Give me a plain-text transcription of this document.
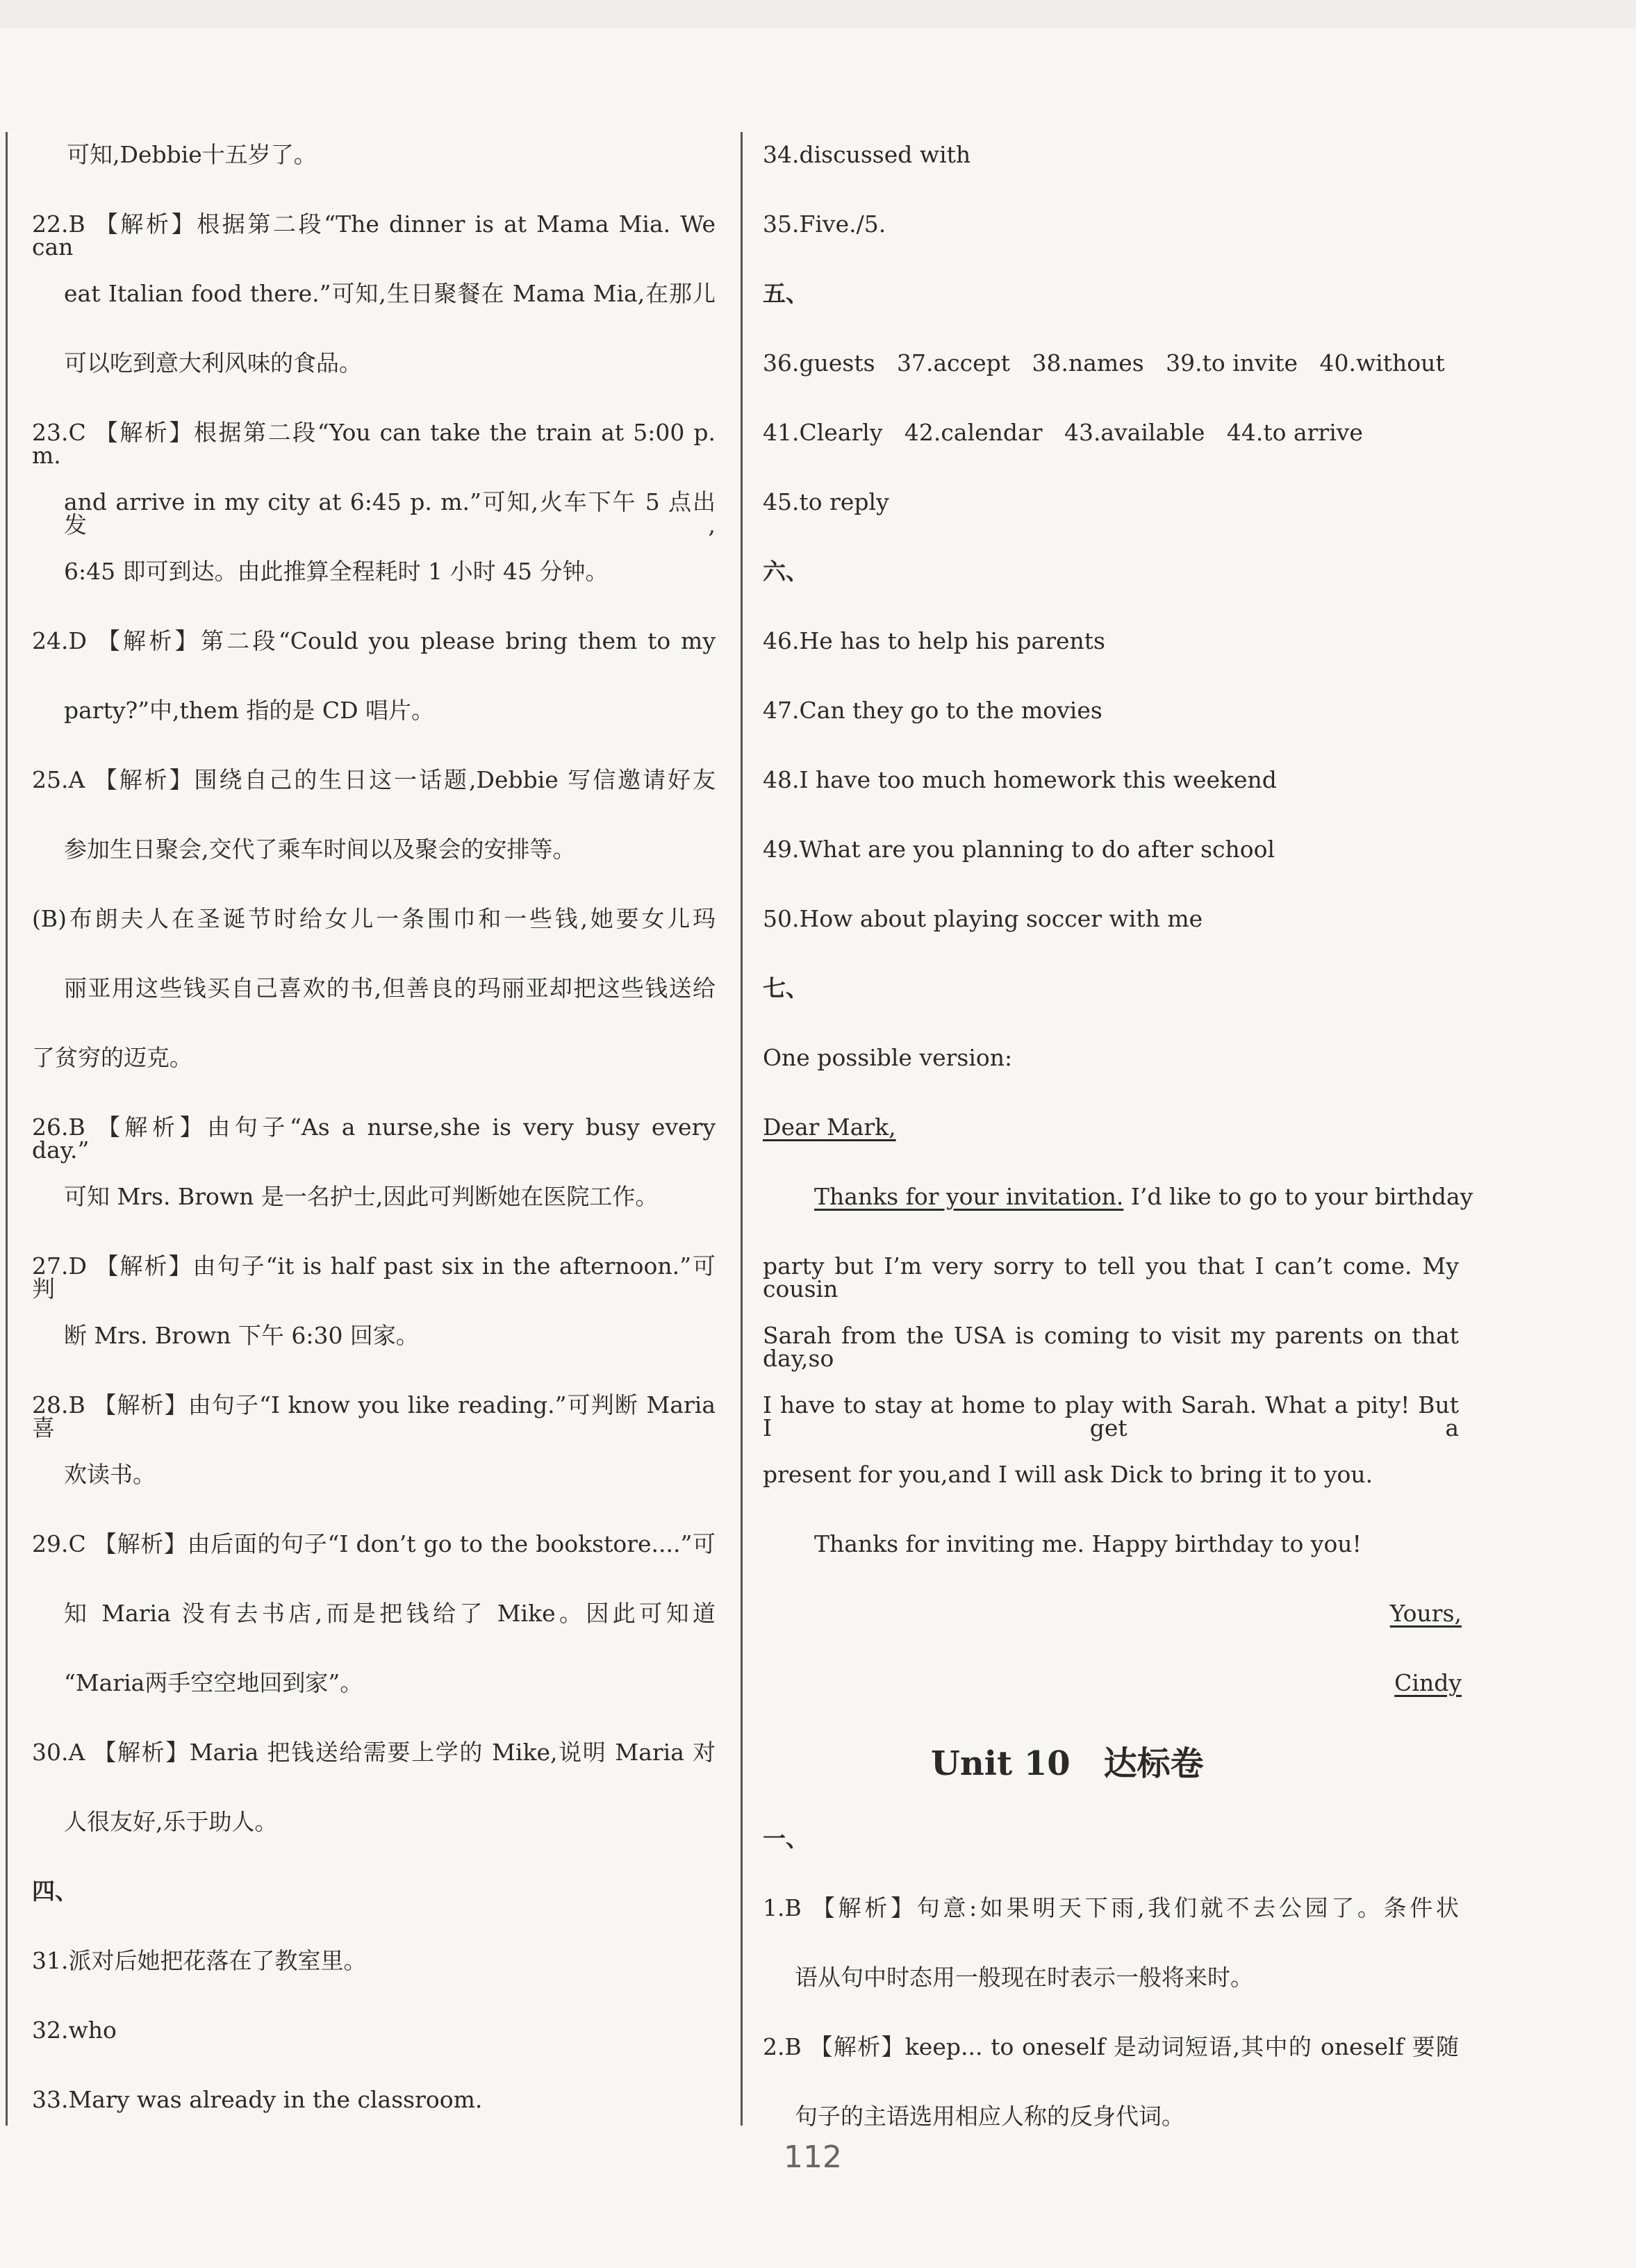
可知,Debbie十五岁了。
22.B 【解析】根据第二段“The dinner is at Mama Mia. We can
eat Italian food there.”可知,生日聚餐在 Mama Mia,在那儿
可以吃到意大利风味的食品。
23.C 【解析】根据第二段“You can take the train at 5:00 p. m.
and arrive in my city at 6:45 p. m.”可知,火车下午 5 点出发,
6:45 即可到达。由此推算全程耗时 1 小时 45 分钟。
24.D 【解析】第二段“Could you please bring them to my
party?”中,them 指的是 CD 唱片。
25.A 【解析】围绕自己的生日这一话题,Debbie 写信邀请好友
参加生日聚会,交代了乘车时间以及聚会的安排等。
(B)布朗夫人在圣诞节时给女儿一条围巾和一些钱,她要女儿玛
丽亚用这些钱买自己喜欢的书,但善良的玛丽亚却把这些钱送给
了贫穷的迈克。
26.B 【解析】由句子“As a nurse,she is very busy every day.”
可知 Mrs. Brown 是一名护士,因此可判断她在医院工作。
27.D 【解析】由句子“it is half past six in the afternoon.”可判
断 Mrs. Brown 下午 6:30 回家。
28.B 【解析】由句子“I know you like reading.”可判断 Maria 喜
欢读书。
29.C 【解析】由后面的句子“I don’t go to the bookstore....”可
知 Maria 没有去书店,而是把钱给了 Mike。因此可知道
“Maria两手空空地回到家”。
30.A 【解析】Maria 把钱送给需要上学的 Mike,说明 Maria 对
人很友好,乐于助人。
四、
31.派对后她把花落在了教室里。
32.who
33.Mary was already in the classroom.
34.discussed with
35.Five./5.
五、
36.guests   37.accept   38.names   39.to invite   40.without
41.Clearly   42.calendar   43.available   44.to arrive
45.to reply
六、
46.He has to help his parents
47.Can they go to the movies
48.I have too much homework this weekend
49.What are you planning to do after school
50.How about playing soccer with me
七、
One possible version:
Dear Mark,
Thanks for your invitation. I’d like to go to your birthday
party but I’m very sorry to tell you that I can’t come. My cousin
Sarah from the USA is coming to visit my parents on that day,so
I have to stay at home to play with Sarah. What a pity! But I get a
present for you,and I will ask Dick to bring it to you.
Thanks for inviting me. Happy birthday to you!
Yours,
Cindy
Unit 10　达标卷
一、
1.B 【解析】句意:如果明天下雨,我们就不去公园了。条件状
语从句中时态用一般现在时表示一般将来时。
2.B 【解析】keep... to oneself 是动词短语,其中的 oneself 要随
句子的主语选用相应人称的反身代词。
112
